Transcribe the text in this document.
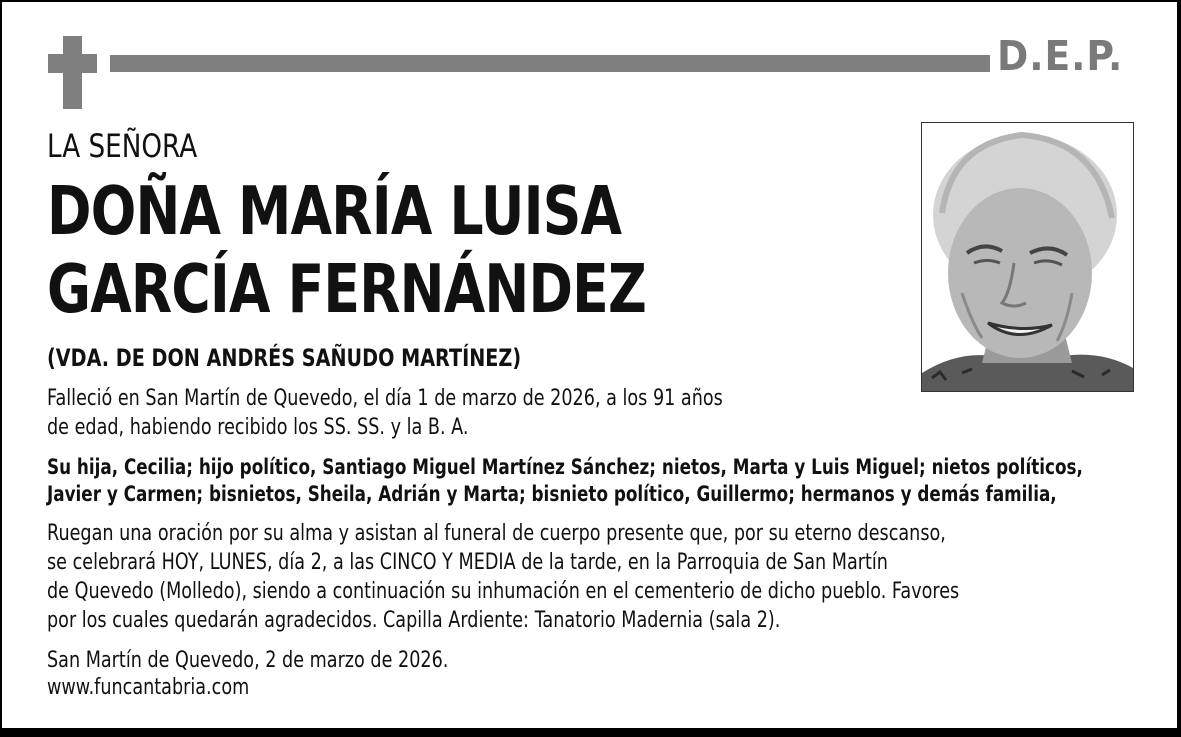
D.E.P.
LA SEÑORA
DOÑA MARÍA LUISA
GARCÍA FERNÁNDEZ
(VDA. DE DON ANDRÉS SAÑUDO MARTÍNEZ)
Falleció en San Martín de Quevedo, el día 1 de marzo de 2026, a los 91 años
de edad, habiendo recibido los SS. SS. y la B. A.
Su hija, Cecilia; hijo político, Santiago Miguel Martínez Sánchez; nietos, Marta y Luis Miguel; nietos políticos,
Javier y Carmen; bisnietos, Sheila, Adrián y Marta; bisnieto político, Guillermo; hermanos y demás familia,
Ruegan una oración por su alma y asistan al funeral de cuerpo presente que, por su eterno descanso,
se celebrará HOY, LUNES, día 2, a las CINCO Y MEDIA de la tarde, en la Parroquia de San Martín
de Quevedo (Molledo), siendo a continuación su inhumación en el cementerio de dicho pueblo. Favores
por los cuales quedarán agradecidos. Capilla Ardiente: Tanatorio Madernia (sala 2).
San Martín de Quevedo, 2 de marzo de 2026.
www.funcantabria.com
